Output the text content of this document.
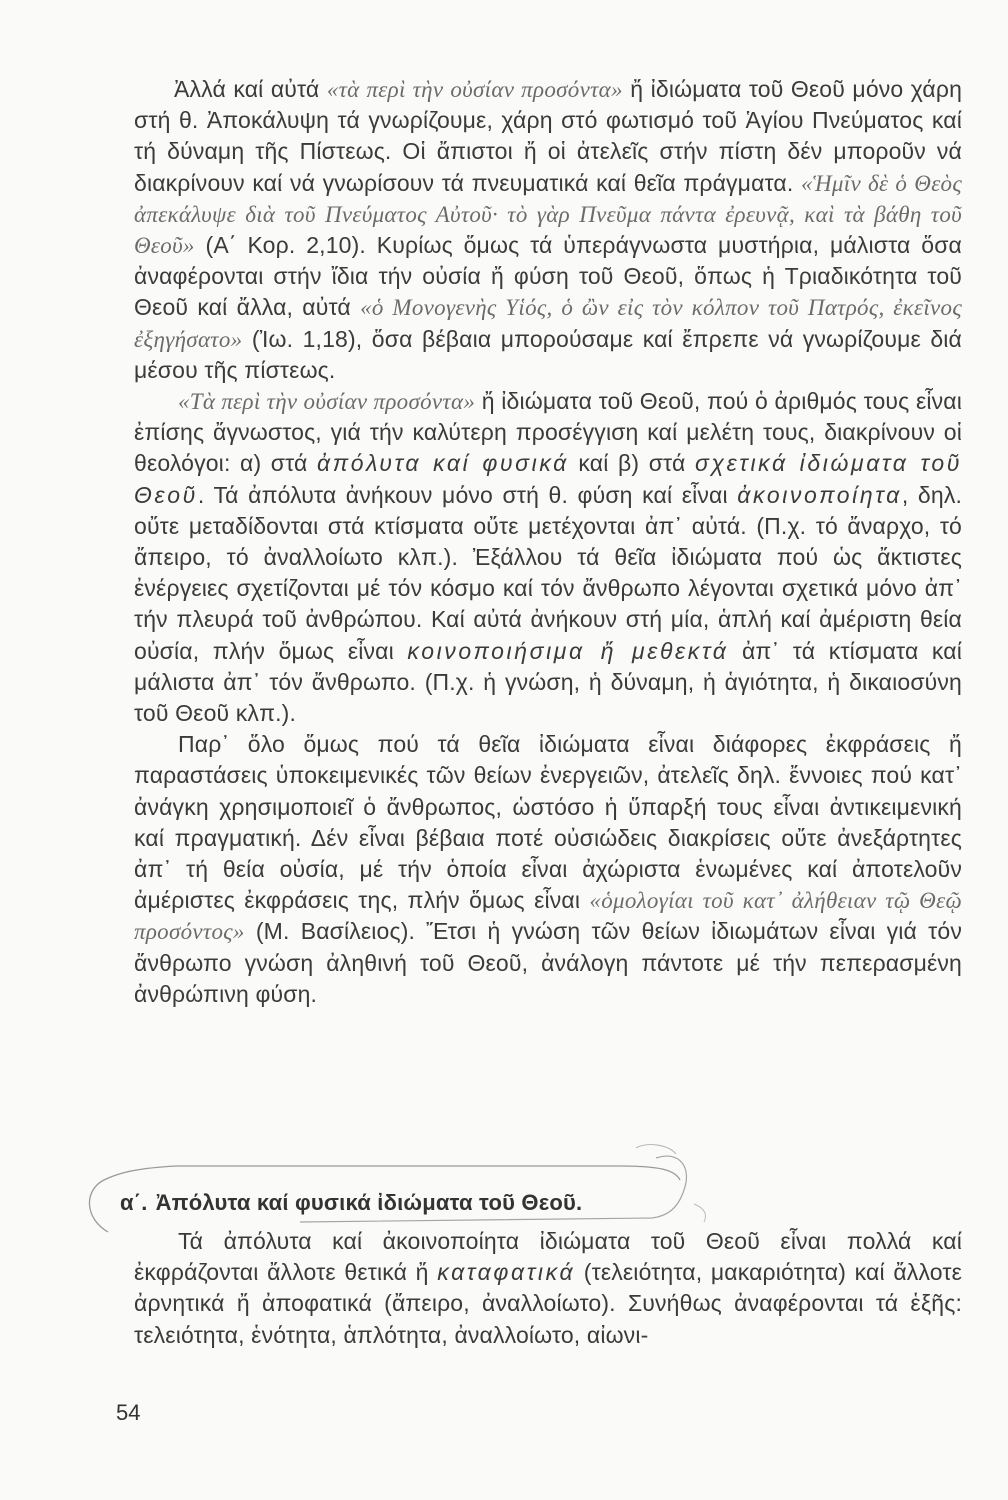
Ἀλλά καί αὐτά «τὰ περὶ τὴν οὐσίαν προσόντα» ἤ ἰδιώματα τοῦ Θεοῦ μόνο χάρη στή θ. Ἀποκάλυψη τά γνωρίζουμε, χάρη στό φωτισμό τοῦ Ἁγίου Πνεύματος καί τή δύναμη τῆς Πίστεως. Οἱ ἄπιστοι ἤ οἱ ἀτελεῖς στήν πίστη δέν μποροῦν νά διακρίνουν καί νά γνωρίσουν τά πνευματικά καί θεῖα πράγματα. «Ἡμῖν δὲ ὁ Θεὸς ἀπεκάλυψε διὰ τοῦ Πνεύματος Αὐτοῦ· τὸ γὰρ Πνεῦμα πάντα ἐρευνᾷ, καὶ τὰ βάθη τοῦ Θεοῦ» (Α΄ Κορ. 2,10). Κυρίως ὅμως τά ὑπεράγνωστα μυστήρια, μάλιστα ὅσα ἀναφέρονται στήν ἴδια τήν οὐσία ἤ φύση τοῦ Θεοῦ, ὅπως ἡ Τριαδικότητα τοῦ Θεοῦ καί ἄλλα, αὐτά «ὁ Μονογενὴς Υἱός, ὁ ὢν εἰς τὸν κόλπον τοῦ Πατρός, ἐκεῖνος ἐξηγήσατο» (Ἰω. 1,18), ὅσα βέβαια μπορούσαμε καί ἔπρεπε νά γνωρίζουμε διά μέσου τῆς πίστεως.

«Τὰ περὶ τὴν οὐσίαν προσόντα» ἤ ἰδιώματα τοῦ Θεοῦ, πού ὁ ἀριθμός τους εἶναι ἐπίσης ἄγνωστος, γιά τήν καλύτερη προσέγγιση καί μελέτη τους, διακρίνουν οἱ θεολόγοι: α) στά ἀπόλυτα καί φυσικά καί β) στά σχετικά ἰδιώματα τοῦ Θεοῦ. Τά ἀπόλυτα ἀνήκουν μόνο στή θ. φύση καί εἶναι ἀκοινοποίητα, δηλ. οὔτε μεταδίδονται στά κτίσματα οὔτε μετέχονται ἀπ᾽ αὐτά. (Π.χ. τό ἄναρχο, τό ἄπειρο, τό ἀναλλοίωτο κλπ.). Ἐξάλλου τά θεῖα ἰδιώματα πού ὡς ἄκτιστες ἐνέργειες σχετίζονται μέ τόν κόσμο καί τόν ἄνθρωπο λέγονται σχετικά μόνο ἀπ᾽ τήν πλευρά τοῦ ἀνθρώπου. Καί αὐτά ἀνήκουν στή μία, ἁπλή καί ἀμέριστη θεία οὐσία, πλήν ὅμως εἶναι κοινοποιήσιμα ἤ μεθεκτά ἀπ᾽ τά κτίσματα καί μάλιστα ἀπ᾽ τόν ἄνθρωπο. (Π.χ. ἡ γνώση, ἡ δύναμη, ἡ ἁγιότητα, ἡ δικαιοσύνη τοῦ Θεοῦ κλπ.).

Παρ᾽ ὅλο ὅμως πού τά θεῖα ἰδιώματα εἶναι διάφορες ἐκφράσεις ἤ παραστάσεις ὑποκειμενικές τῶν θείων ἐνεργειῶν, ἀτελεῖς δηλ. ἔννοιες πού κατ᾽ ἀνάγκη χρησιμοποιεῖ ὁ ἄνθρωπος, ὡστόσο ἡ ὕπαρξή τους εἶναι ἀντικειμενική καί πραγματική. Δέν εἶναι βέβαια ποτέ οὐσιώδεις διακρίσεις οὔτε ἀνεξάρτητες ἀπ᾽ τή θεία οὐσία, μέ τήν ὁποία εἶναι ἀχώριστα ἑνωμένες καί ἀποτελοῦν ἀμέριστες ἐκφράσεις της, πλήν ὅμως εἶναι «ὁμολογίαι τοῦ κατ᾽ ἀλήθειαν τῷ Θεῷ προσόντος» (Μ. Βασίλειος). Ἔτσι ἡ γνώση τῶν θείων ἰδιωμάτων εἶναι γιά τόν ἄνθρωπο γνώση ἀληθινή τοῦ Θεοῦ, ἀνάλογη πάντοτε μέ τήν πεπερασμένη ἀνθρώπινη φύση.

α΄. Ἀπόλυτα καί φυσικά ἰδιώματα τοῦ Θεοῦ.

Τά ἀπόλυτα καί ἀκοινοποίητα ἰδιώματα τοῦ Θεοῦ εἶναι πολλά καί ἐκφράζονται ἄλλοτε θετικά ἤ καταφατικά (τελειότητα, μακαριότητα) καί ἄλλοτε ἀρνητικά ἤ ἀποφατικά (ἄπειρο, ἀναλλοίωτο). Συνήθως ἀναφέρονται τά ἑξῆς: τελειότητα, ἑνότητα, ἁπλότητα, ἀναλλοίωτο, αἰωνι-

54
